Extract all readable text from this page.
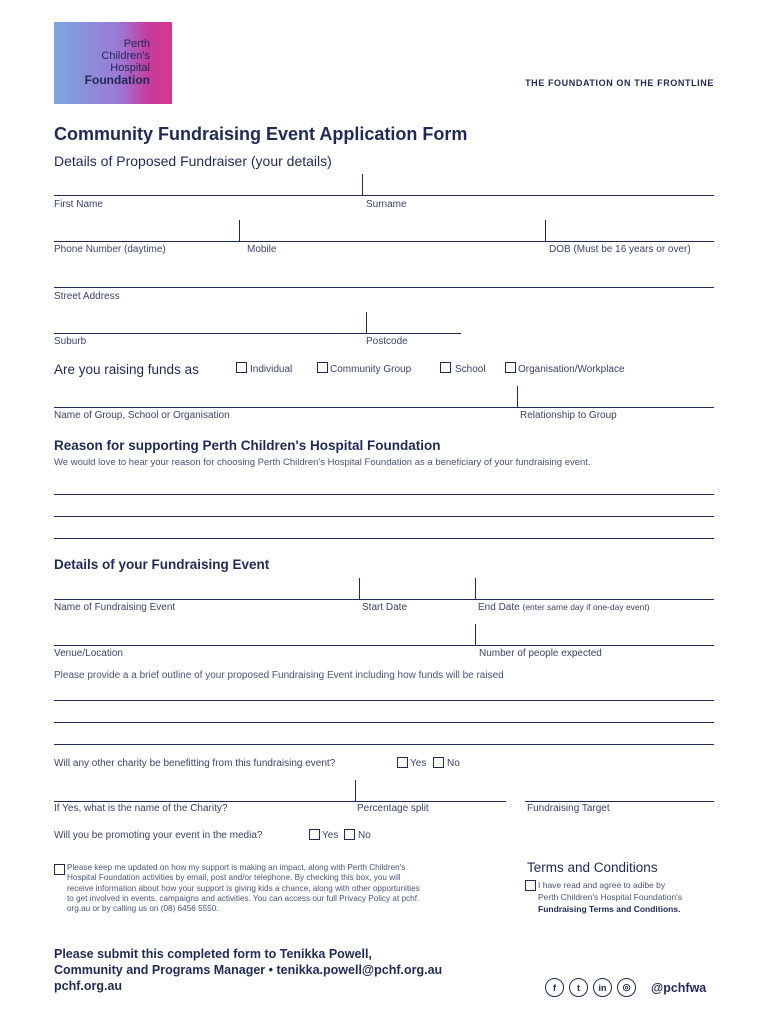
Perth
Children's
Hospital
Foundation	THE FOUNDATION ON THE FRONTLINE
Community Fundraising Event Application Form
Details of Proposed Fundraiser (your details)
First Name	Surname
Phone Number (daytime)	Mobile	DOB (Must be 16 years or over)
Street Address
Suburb	Postcode
Are you raising funds as	Individual	Community Group	School	Organisation/Workplace
Name of Group, School or Organisation	Relationship to Group
Reason for supporting Perth Children's Hospital Foundation
We would love to hear your reason for choosing Perth Children's Hospital Foundation as a beneficiary of your fundraising event.
Details of your Fundraising Event
Name of Fundraising Event	Start Date	End Date (enter same day if one-day event)
Venue/Location	Number of people expected
Please provide a a brief outline of your proposed Fundraising Event including how funds will be raised
Will any other charity be benefitting from this fundraising event?	Yes No
If Yes, what is the name of the Charity?	Percentage split	Fundraising Target
Will you be promoting your event in the media?	Yes No
Please keep me updated on how my support is making an impact, along with Perth Children's
Hospital Foundation activities by email, post and/or telephone. By checking this box, you will
receive information about how your support is giving kids a chance, along with other opportunities
to get involved in events, campaigns and activities. You can access our full Privacy Policy at pchf.
org.au or by calling us on (08) 6456 5550.
Terms and Conditions
I have read and agree to adibe by
Perth Children's Hospital Foundation's
Fundraising Terms and Conditions.
Please submit this completed form to Tenikka Powell,
Community and Programs Manager • tenikka.powell@pchf.org.au
pchf.org.au	f	t	in	◎	@pchfwa
